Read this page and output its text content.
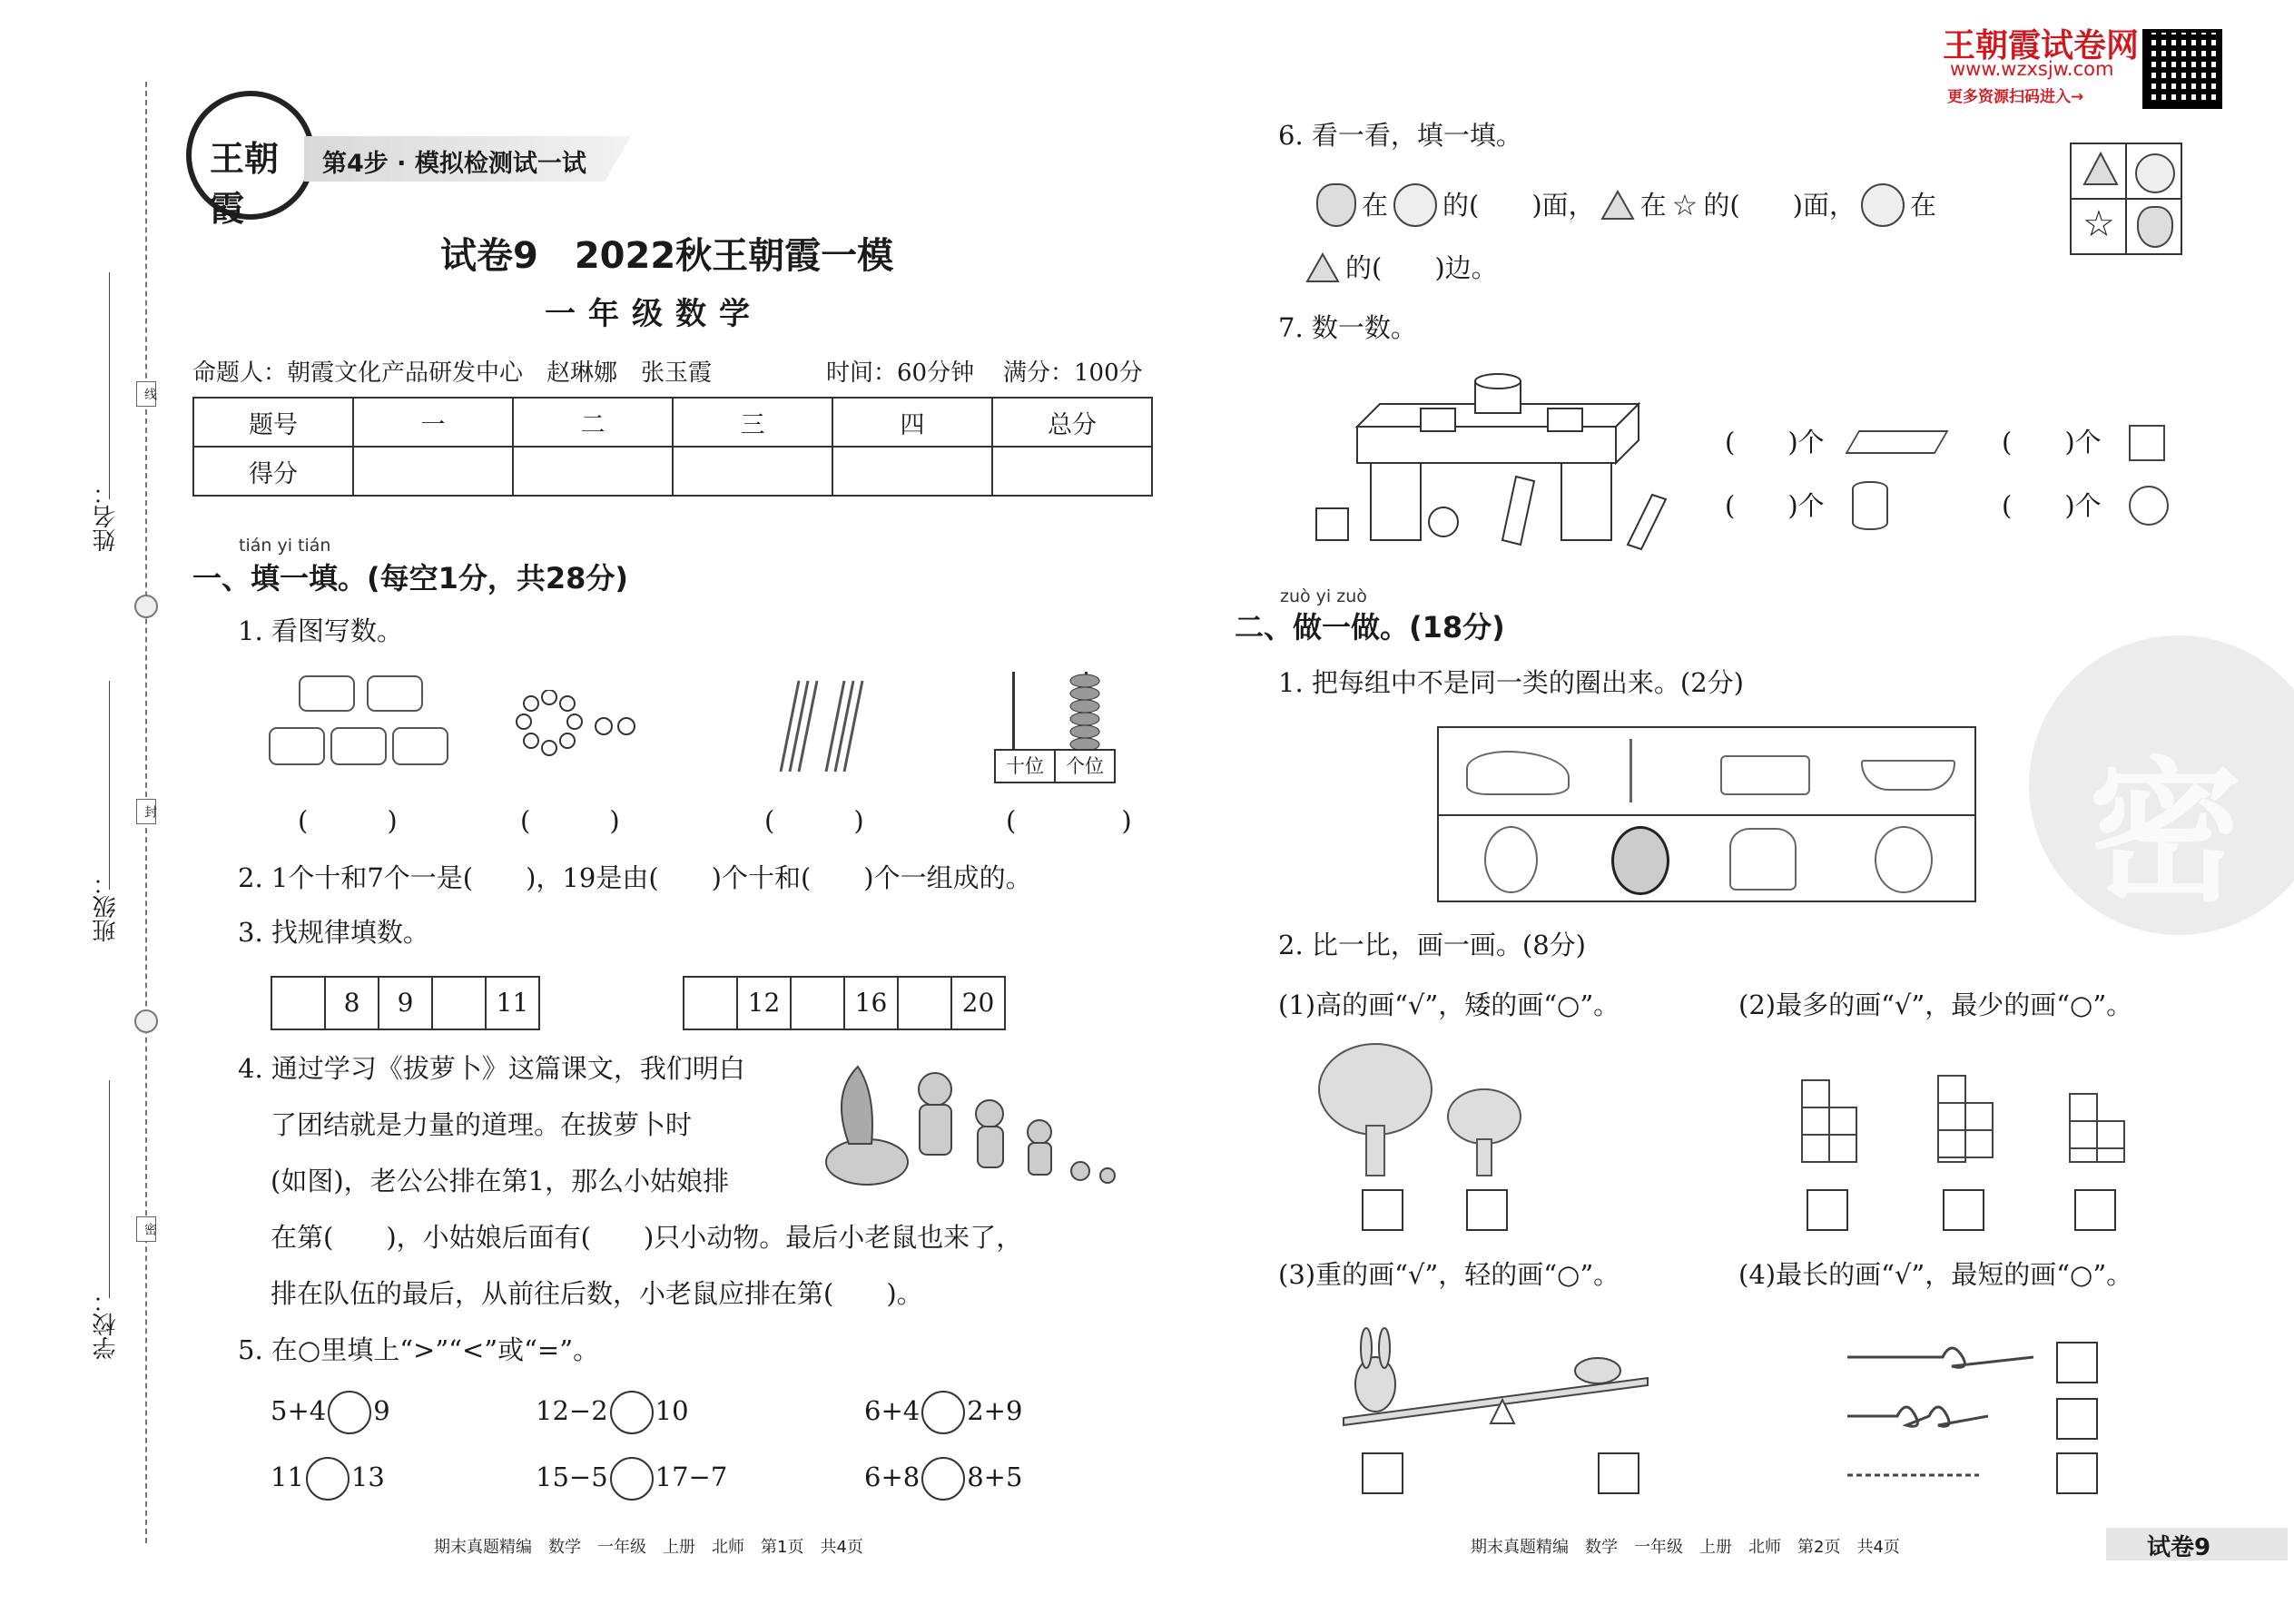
姓名：
班级：
学校：
线
封
密
王朝霞
第4步 · 模拟检测试一试
试卷9　2022秋王朝霞一模
一年级数学
命题人：朝霞文化产品研发中心　赵琳娜　张玉霞	时间：60分钟 满分：100分
题号	一	二	三	四	总分
得分					
tián yi tián
一、填一填。(每空1分，共28分)
1. 看图写数。
十位	个位
(　　　)	(　　　)	(　　　)	(　　　　)
2. 1个十和7个一是(　　)，19是由(　　)个十和(　　)个一组成的。
3. 找规律填数。
8	9	11	12	16	20
4. 通过学习《拔萝卜》这篇课文，我们明白
了团结就是力量的道理。在拔萝卜时
(如图)，老公公排在第1，那么小姑娘排
在第(　　)，小姑娘后面有(　　)只小动物。最后小老鼠也来了，
排在队伍的最后，从前往后数，小老鼠应排在第(　　)。
5. 在○里填上“>”“<”或“=”。
5+4 9	12−2 10	6+4 2+9
11 13	15−5 17−7	6+8 8+5
期末真题精编　数学　一年级　上册　北师　第1页　共4页
王朝霞试卷网
www.wzxsjw.com
更多资源扫码进入→
6. 看一看，填一填。
在 的(　　)面， 在 ☆ 的(　　)面， 在
的(　　)边。
☆
7. 数一数。
(　　)个	(　　)个
(　　)个	(　　)个
zuò yi zuò
二、做一做。(18分)
1. 把每组中不是同一类的圈出来。(2分)
2. 比一比，画一画。(8分)
(1)高的画“√”，矮的画“○”。	(2)最多的画“√”，最少的画“○”。
(3)重的画“√”，轻的画“○”。	(4)最长的画“√”，最短的画“○”。
密
期末真题精编　数学　一年级　上册　北师　第2页　共4页	试卷9
